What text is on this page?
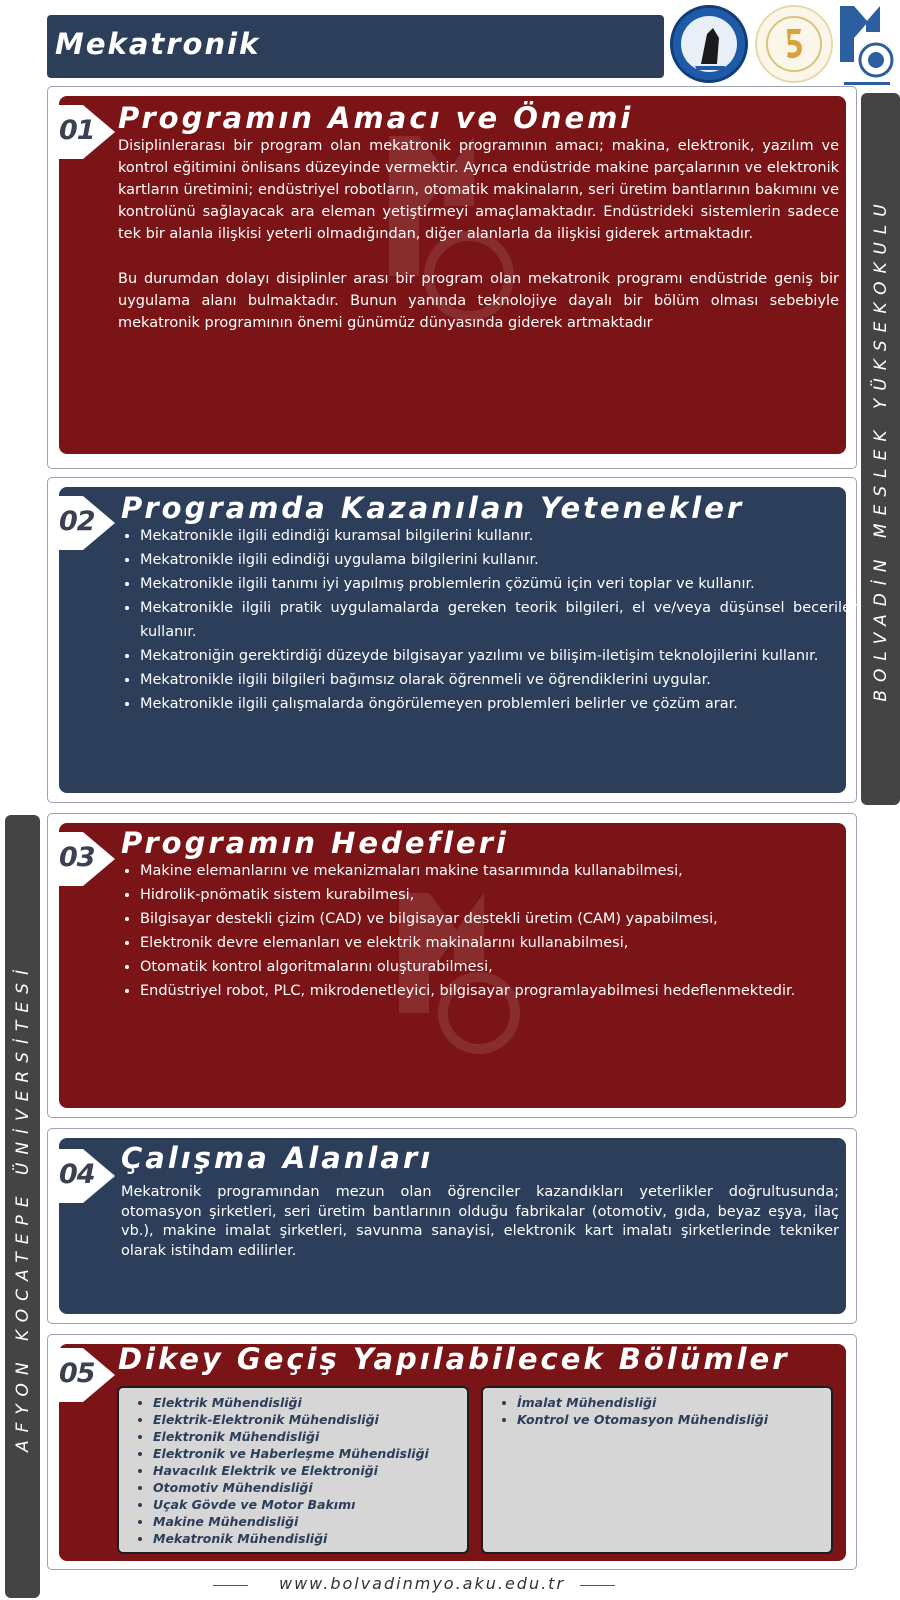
Mekatronik
BOLVADİN MESLEK YÜKSEKOKULU
AFYON KOCATEPE ÜNİVERSİTESİ
01 Programın Amacı ve Önemi

Disiplinlerarası bir program olan mekatronik programının amacı; makina, elektronik, yazılım ve kontrol eğitimini önlisans düzeyinde vermektir. Ayrıca endüstride makine parçalarının ve elektronik kartların üretimini; endüstriyel robotların, otomatik makinaların, seri üretim bantlarının bakımını ve kontrolünü sağlayacak ara eleman yetiştirmeyi amaçlamaktadır. Endüstrideki sistemlerin sadece tek bir alanla ilişkisi yeterli olmadığından, diğer alanlarla da ilişkisi giderek artmaktadır.

Bu durumdan dolayı disiplinler arası bir program olan mekatronik programı endüstride geniş bir uygulama alanı bulmaktadır. Bunun yanında teknolojiye dayalı bir bölüm olması sebebiyle mekatronik programının önemi günümüz dünyasında giderek artmaktadır

02 Programda Kazanılan Yetenekler
• Mekatronikle ilgili edindiği kuramsal bilgilerini kullanır.
• Mekatronikle ilgili edindiği uygulama bilgilerini kullanır.
• Mekatronikle ilgili tanımı iyi yapılmış problemlerin çözümü için veri toplar ve kullanır.
• Mekatronikle ilgili pratik uygulamalarda gereken teorik bilgileri, el ve/veya düşünsel becerileri kullanır.
• Mekatroniğin gerektirdiği düzeyde bilgisayar yazılımı ve bilişim-iletişim teknolojilerini kullanır.
• Mekatronikle ilgili bilgileri bağımsız olarak öğrenmeli ve öğrendiklerini uygular.
• Mekatronikle ilgili çalışmalarda öngörülemeyen problemleri belirler ve çözüm arar.
03 Programın Hedefleri
• Makine elemanlarını ve mekanizmaları makine tasarımında kullanabilmesi,
• Hidrolik-pnömatik sistem kurabilmesi,
• Bilgisayar destekli çizim (CAD) ve bilgisayar destekli üretim (CAM) yapabilmesi,
• Elektronik devre elemanları ve elektrik makinalarını kullanabilmesi,
• Otomatik kontrol algoritmalarını oluşturabilmesi,
• Endüstriyel robot, PLC, mikrodenetleyici, bilgisayar programlayabilmesi hedeflenmektedir.
04 Çalışma Alanları

Mekatronik programından mezun olan öğrenciler kazandıkları yeterlikler doğrultusunda; otomasyon şirketleri, seri üretim bantlarının olduğu fabrikalar (otomotiv, gıda, beyaz eşya, ilaç vb.), makine imalat şirketleri, savunma sanayisi, elektronik kart imalatı şirketlerinde tekniker olarak istihdam edilirler.

05 Dikey Geçiş Yapılabilecek Bölümler
• Elektrik Mühendisliği
• Elektrik-Elektronik Mühendisliği
• Elektronik Mühendisliği
• Elektronik ve Haberleşme Mühendisliği
• Havacılık Elektrik ve Elektroniği
• Otomotiv Mühendisliği
• Uçak Gövde ve Motor Bakımı
• Makine Mühendisliği
• Mekatronik Mühendisliği
• İmalat Mühendisliği
• Kontrol ve Otomasyon Mühendisliği
www.bolvadinmyo.aku.edu.tr
